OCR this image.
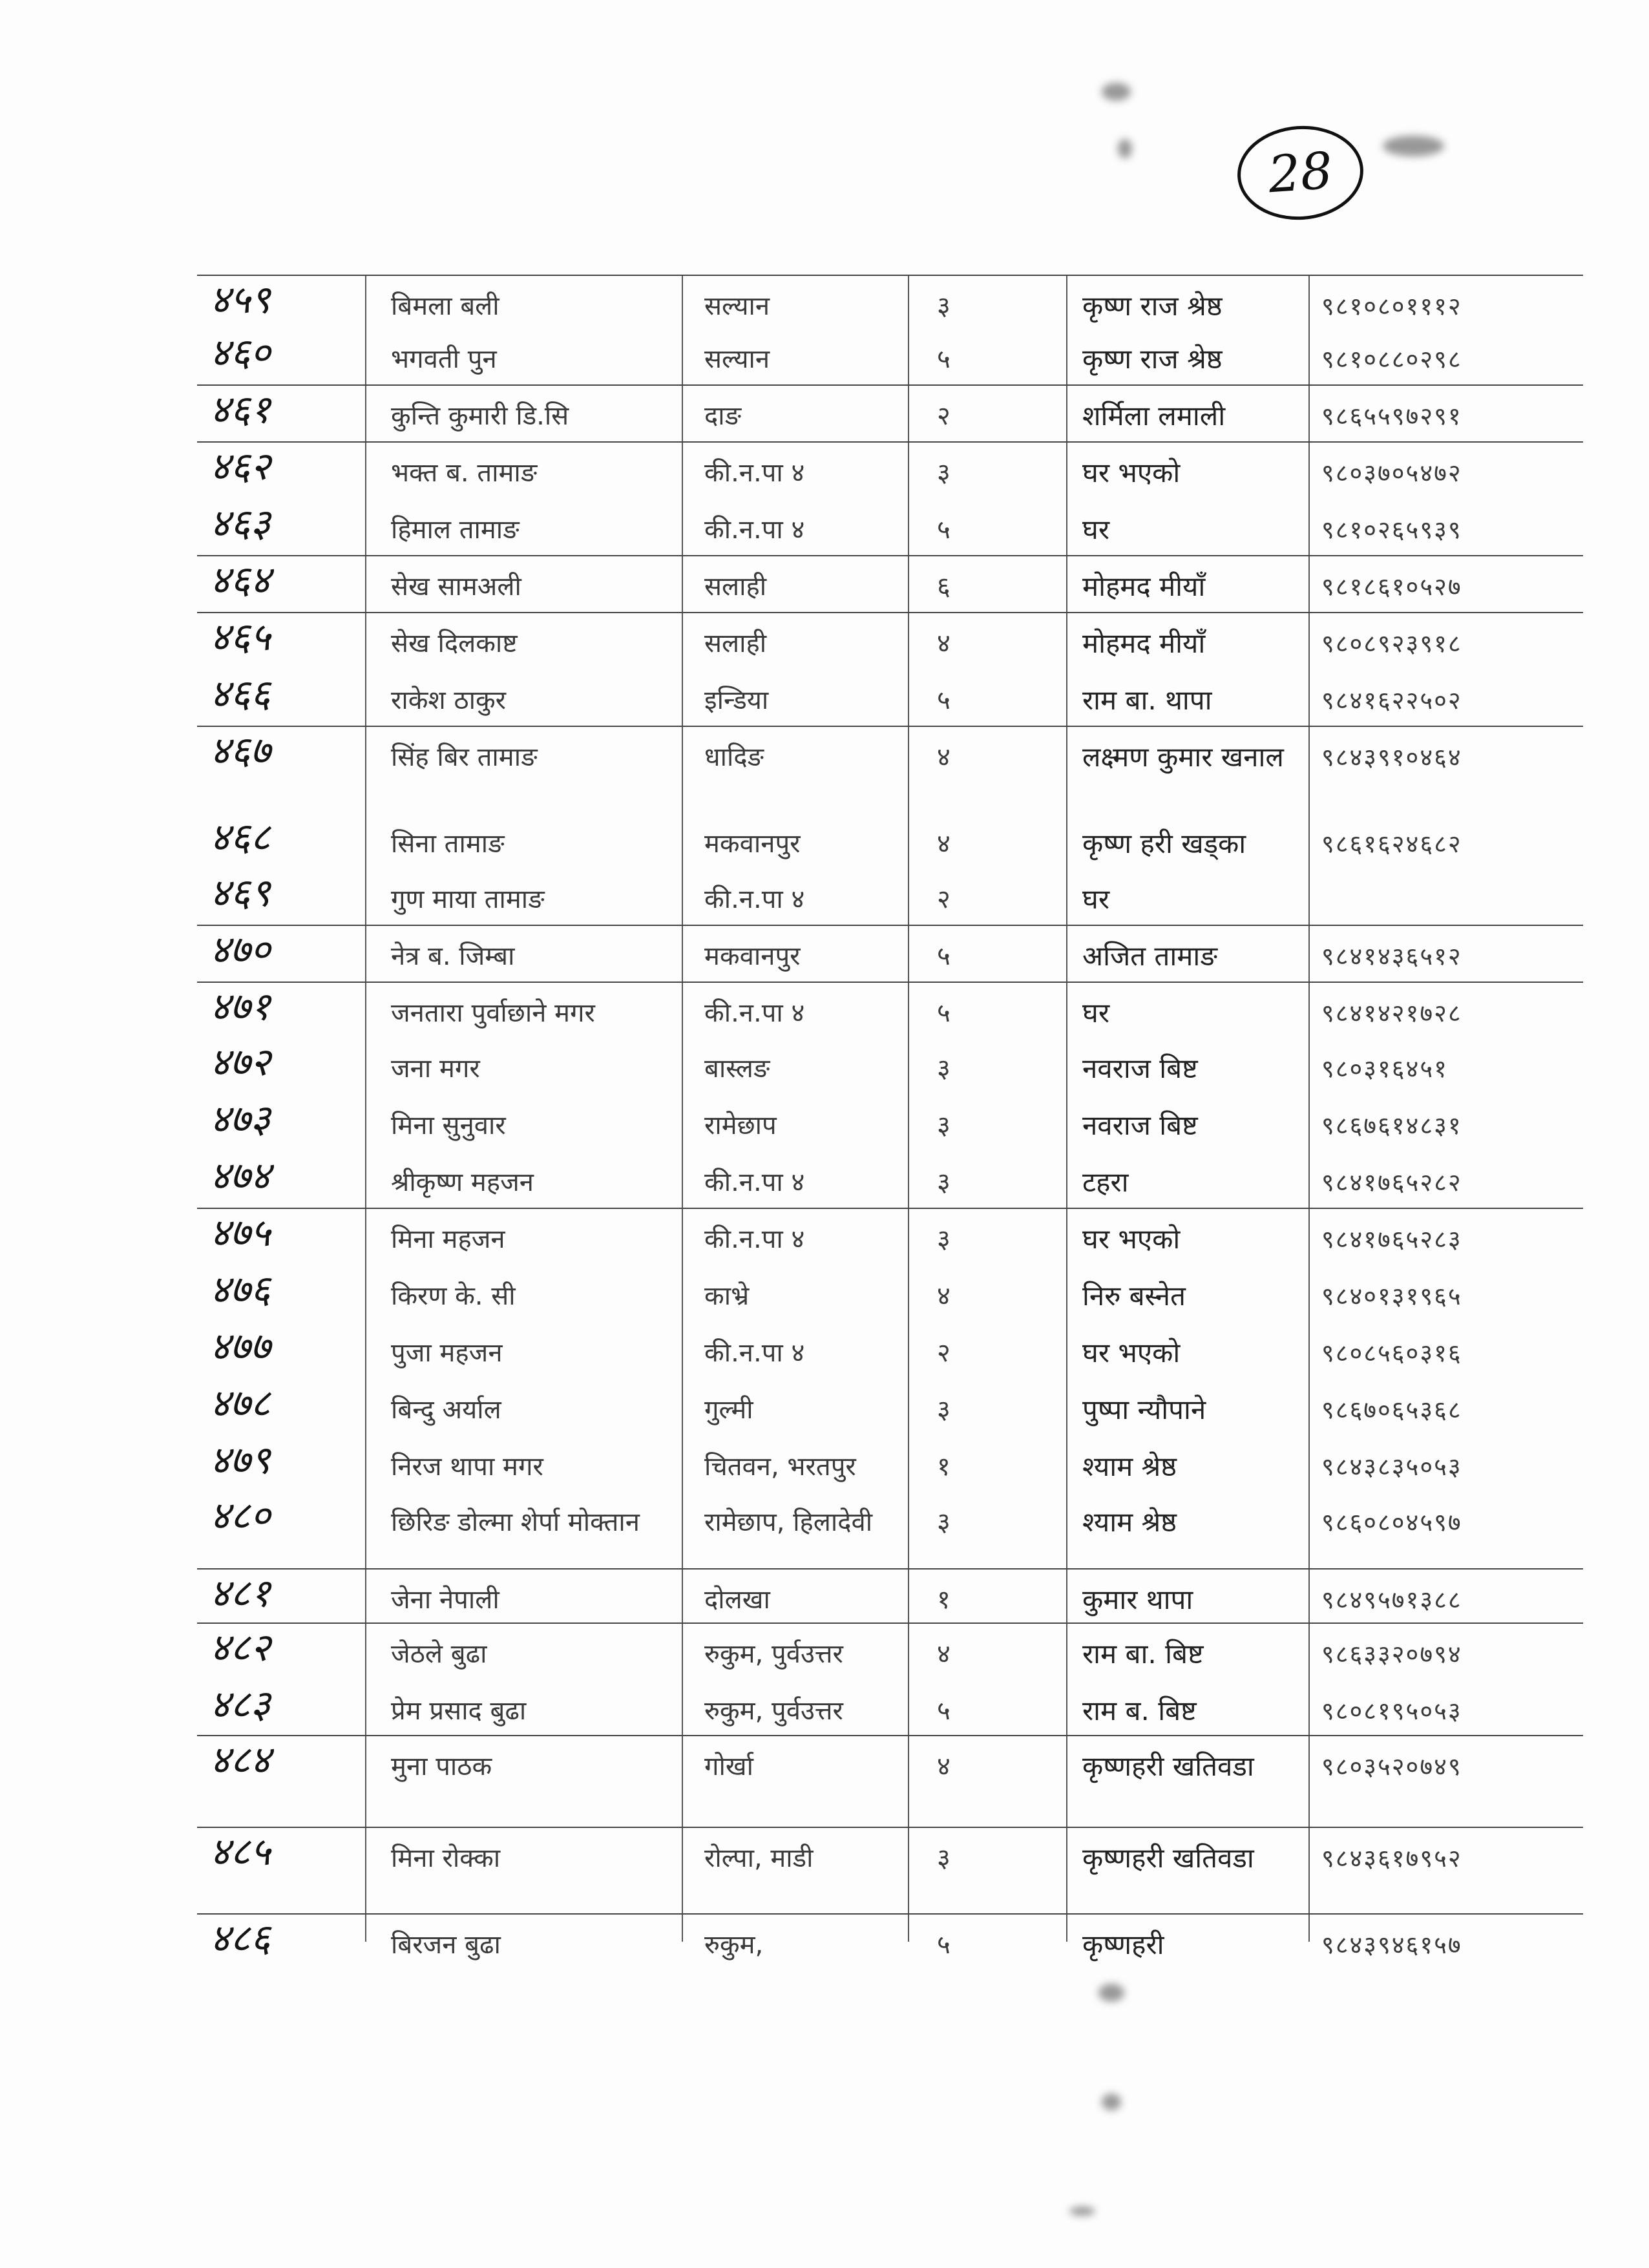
28
४५९	बिमला बली	सल्यान	३	कृष्ण राज श्रेष्ठ	९८१०८०१११२
४६०	भगवती पुन	सल्यान	५	कृष्ण राज श्रेष्ठ	९८१०८८०२९८
४६१	कुन्ति कुमारी डि.सि	दाङ	२	शर्मिला लमाली	९८६५५९७२९१
४६२	भक्त ब. तामाङ	की.न.पा ४	३	घर भएको	९८०३७०५४७२
४६३	हिमाल तामाङ	की.न.पा ४	५	घर	९८१०२६५९३९
४६४	सेख सामअली	सलाही	६	मोहमद मीयाँ	९८१८६१०५२७
४६५	सेख दिलकाष्ट	सलाही	४	मोहमद मीयाँ	९८०८९२३९१८
४६६	राकेश ठाकुर	इन्डिया	५	राम बा. थापा	९८४१६२२५०२
४६७	सिंह बिर तामाङ	धादिङ	४	लक्ष्मण कुमार खनाल	९८४३९१०४६४
४६८	सिना तामाङ	मकवानपुर	४	कृष्ण हरी खड्का	९८६१६२४६८२
४६९	गुण माया तामाङ	की.न.पा ४	२	घर
४७०	नेत्र ब. जिम्बा	मकवानपुर	५	अजित तामाङ	९८४१४३६५१२
४७१	जनतारा पुर्वाछाने मगर	की.न.पा ४	५	घर	९८४१४२१७२८
४७२	जना मगर	बास्लङ	३	नवराज बिष्ट	९८०३१६४५१
४७३	मिना सुनुवार	रामेछाप	३	नवराज बिष्ट	९८६७६१४८३१
४७४	श्रीकृष्ण महजन	की.न.पा ४	३	टहरा	९८४१७६५२८२
४७५	मिना महजन	की.न.पा ४	३	घर भएको	९८४१७६५२८३
४७६	किरण के. सी	काभ्रे	४	निरु बस्नेत	९८४०१३१९६५
४७७	पुजा महजन	की.न.पा ४	२	घर भएको	९८०८५६०३१६
४७८	बिन्दु अर्याल	गुल्मी	३	पुष्पा न्यौपाने	९८६७०६५३६८
४७९	निरज थापा मगर	चितवन, भरतपुर	१	श्याम श्रेष्ठ	९८४३८३५०५३
४८०	छिरिङ डोल्मा शेर्पा मोक्तान	रामेछाप, हिलादेवी	३	श्याम श्रेष्ठ	९८६०८०४५९७
४८१	जेना नेपाली	दोलखा	१	कुमार थापा	९८४९५७१३८८
४८२	जेठले बुढा	रुकुम, पुर्वउत्तर	४	राम बा. बिष्ट	९८६३३२०७९४
४८३	प्रेम प्रसाद बुढा	रुकुम, पुर्वउत्तर	५	राम ब. बिष्ट	९८०८१९५०५३
४८४	मुना पाठक	गोर्खा	४	कृष्णहरी खतिवडा	९८०३५२०७४९
४८५	मिना रोक्का	रोल्पा, माडी	३	कृष्णहरी खतिवडा	९८४३६१७९५२
४८६	बिरजन बुढा	रुकुम,	५	कृष्णहरी	९८४३९४६१५७
